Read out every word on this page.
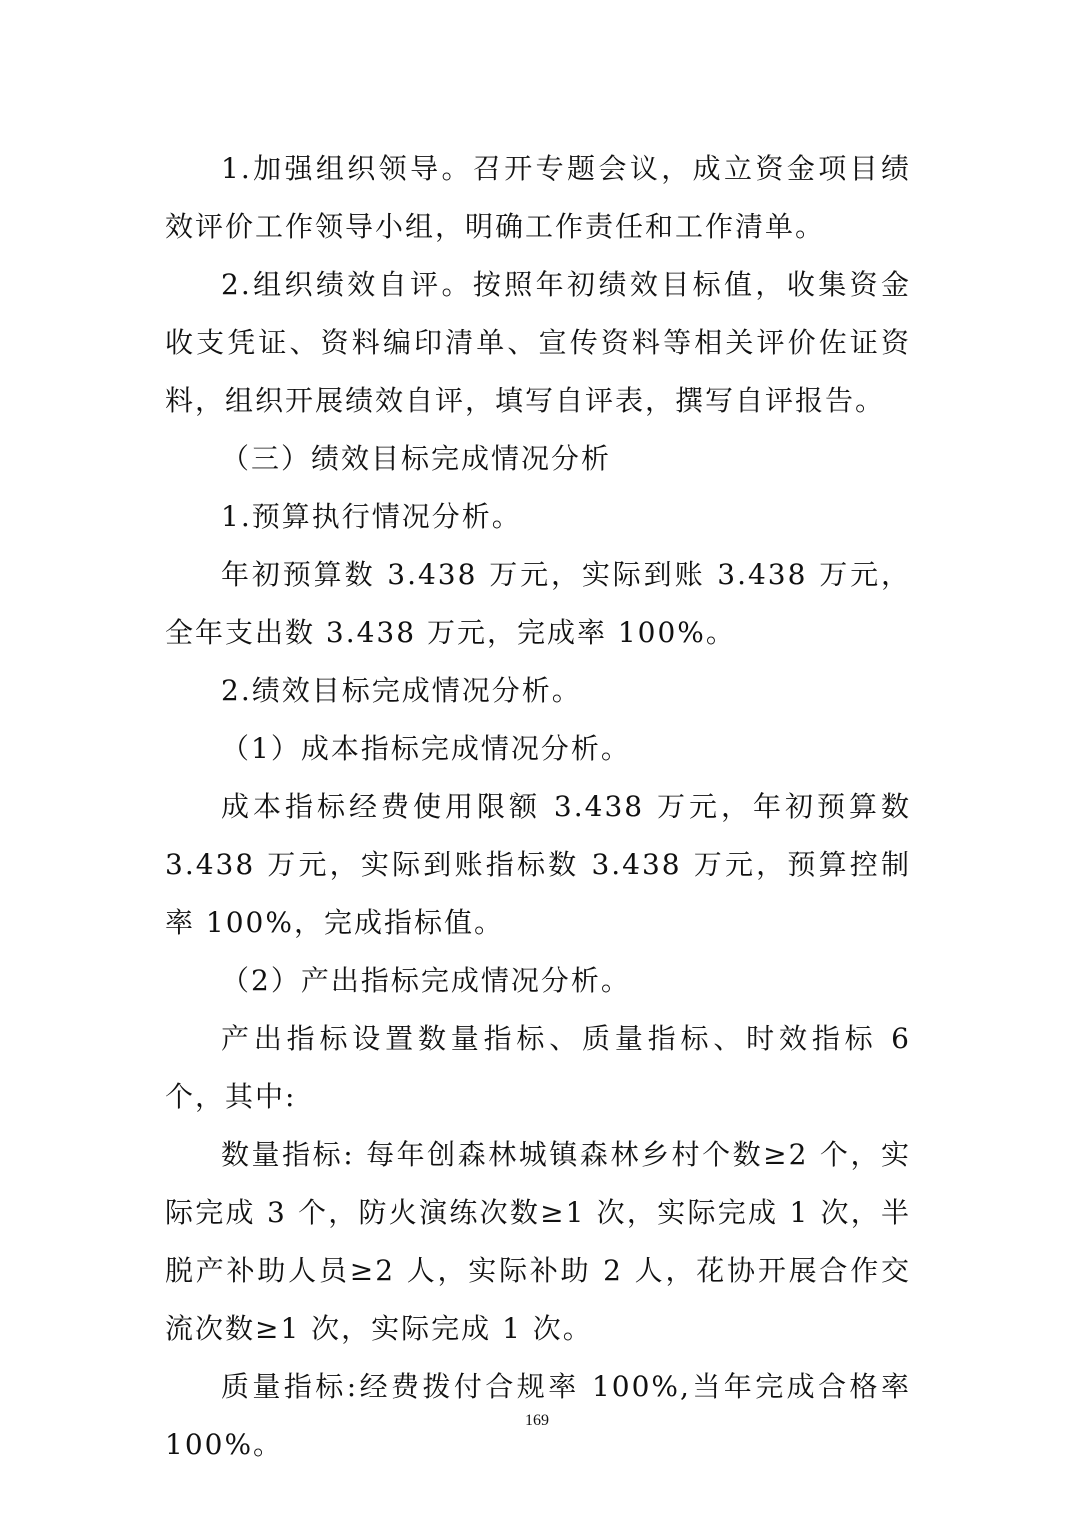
1.加强组织领导。召开专题会议，成立资金项目绩效评价工作领导小组，明确工作责任和工作清单。

2.组织绩效自评。按照年初绩效目标值，收集资金收支凭证、资料编印清单、宣传资料等相关评价佐证资料，组织开展绩效自评，填写自评表，撰写自评报告。

（三）绩效目标完成情况分析

1.预算执行情况分析。

年初预算数 3.438 万元，实际到账 3.438 万元，全年支出数 3.438 万元，完成率 100%。

2.绩效目标完成情况分析。

（1）成本指标完成情况分析。

成本指标经费使用限额 3.438 万元，年初预算数 3.438 万元，实际到账指标数 3.438 万元，预算控制率 100%，完成指标值。

（2）产出指标完成情况分析。

产出指标设置数量指标、质量指标、时效指标 6 个，其中:

数量指标: 每年创森林城镇森林乡村个数≥2 个，实际完成 3 个，防火演练次数≥1 次，实际完成 1 次，半脱产补助人员≥2 人，实际补助 2 人，花协开展合作交流次数≥1 次，实际完成 1 次。

质量指标:经费拨付合规率 100%,当年完成合格率 100%。

169
